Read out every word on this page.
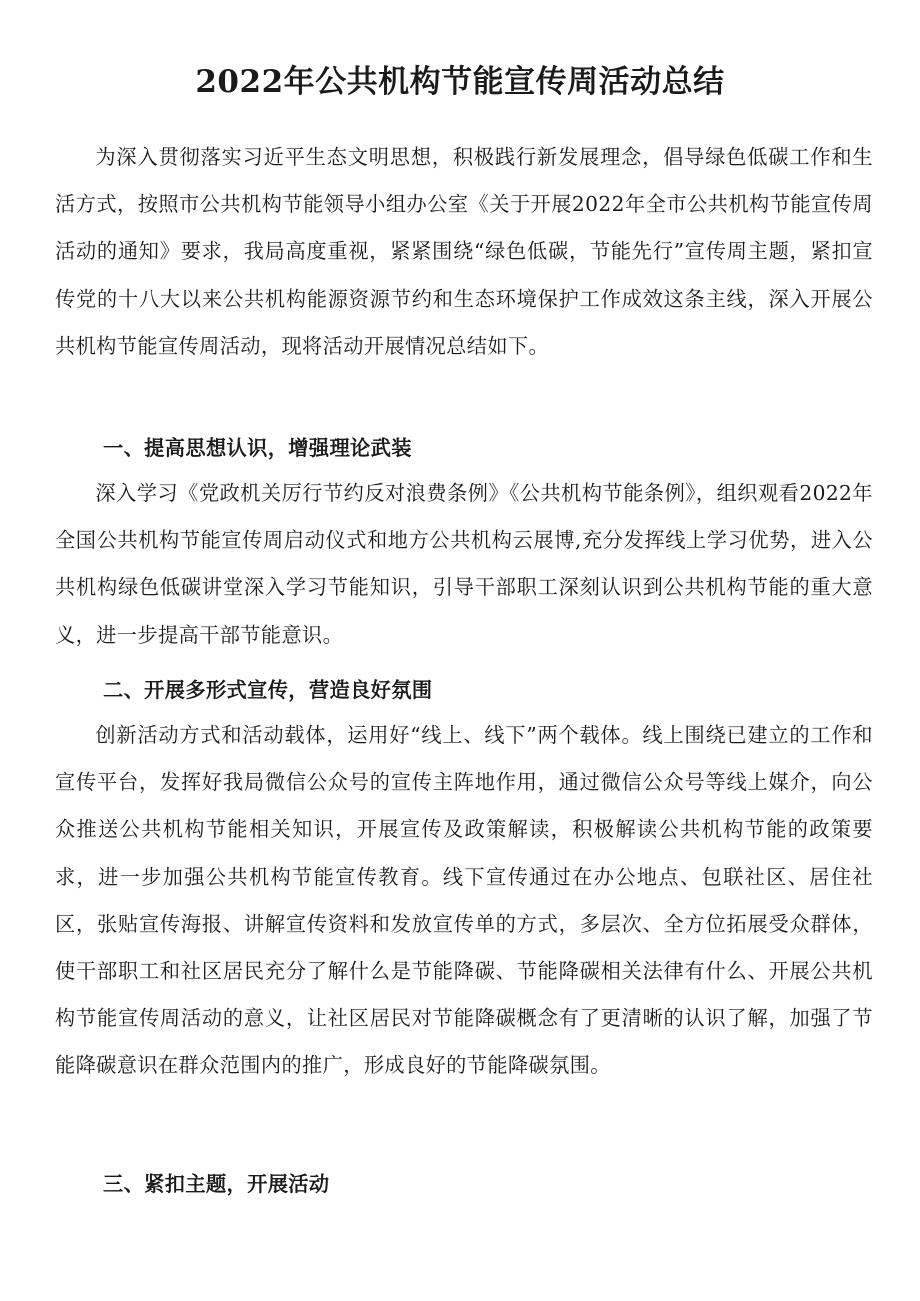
2022年公共机构节能宣传周活动总结

为深入贯彻落实习近平生态文明思想，积极践行新发展理念，倡导绿色低碳工作和生活方式，按照市公共机构节能领导小组办公室《关于开展2022年全市公共机构节能宣传周活动的通知》要求，我局高度重视，紧紧围绕“绿色低碳，节能先行”宣传周主题，紧扣宣传党的十八大以来公共机构能源资源节约和生态环境保护工作成效这条主线，深入开展公共机构节能宣传周活动，现将活动开展情况总结如下。

一、提高思想认识，增强理论武装

深入学习《党政机关厉行节约反对浪费条例》《公共机构节能条例》，组织观看2022年全国公共机构节能宣传周启动仪式和地方公共机构云展博,充分发挥线上学习优势，进入公共机构绿色低碳讲堂深入学习节能知识，引导干部职工深刻认识到公共机构节能的重大意义，进一步提高干部节能意识。

二、开展多形式宣传，营造良好氛围

创新活动方式和活动载体，运用好“线上、线下”两个载体。线上围绕已建立的工作和宣传平台，发挥好我局微信公众号的宣传主阵地作用，通过微信公众号等线上媒介，向公众推送公共机构节能相关知识，开展宣传及政策解读，积极解读公共机构节能的政策要求，进一步加强公共机构节能宣传教育。线下宣传通过在办公地点、包联社区、居住社区，张贴宣传海报、讲解宣传资料和发放宣传单的方式，多层次、全方位拓展受众群体，使干部职工和社区居民充分了解什么是节能降碳、节能降碳相关法律有什么、开展公共机构节能宣传周活动的意义，让社区居民对节能降碳概念有了更清晰的认识了解，加强了节能降碳意识在群众范围内的推广，形成良好的节能降碳氛围。

三、紧扣主题，开展活动
